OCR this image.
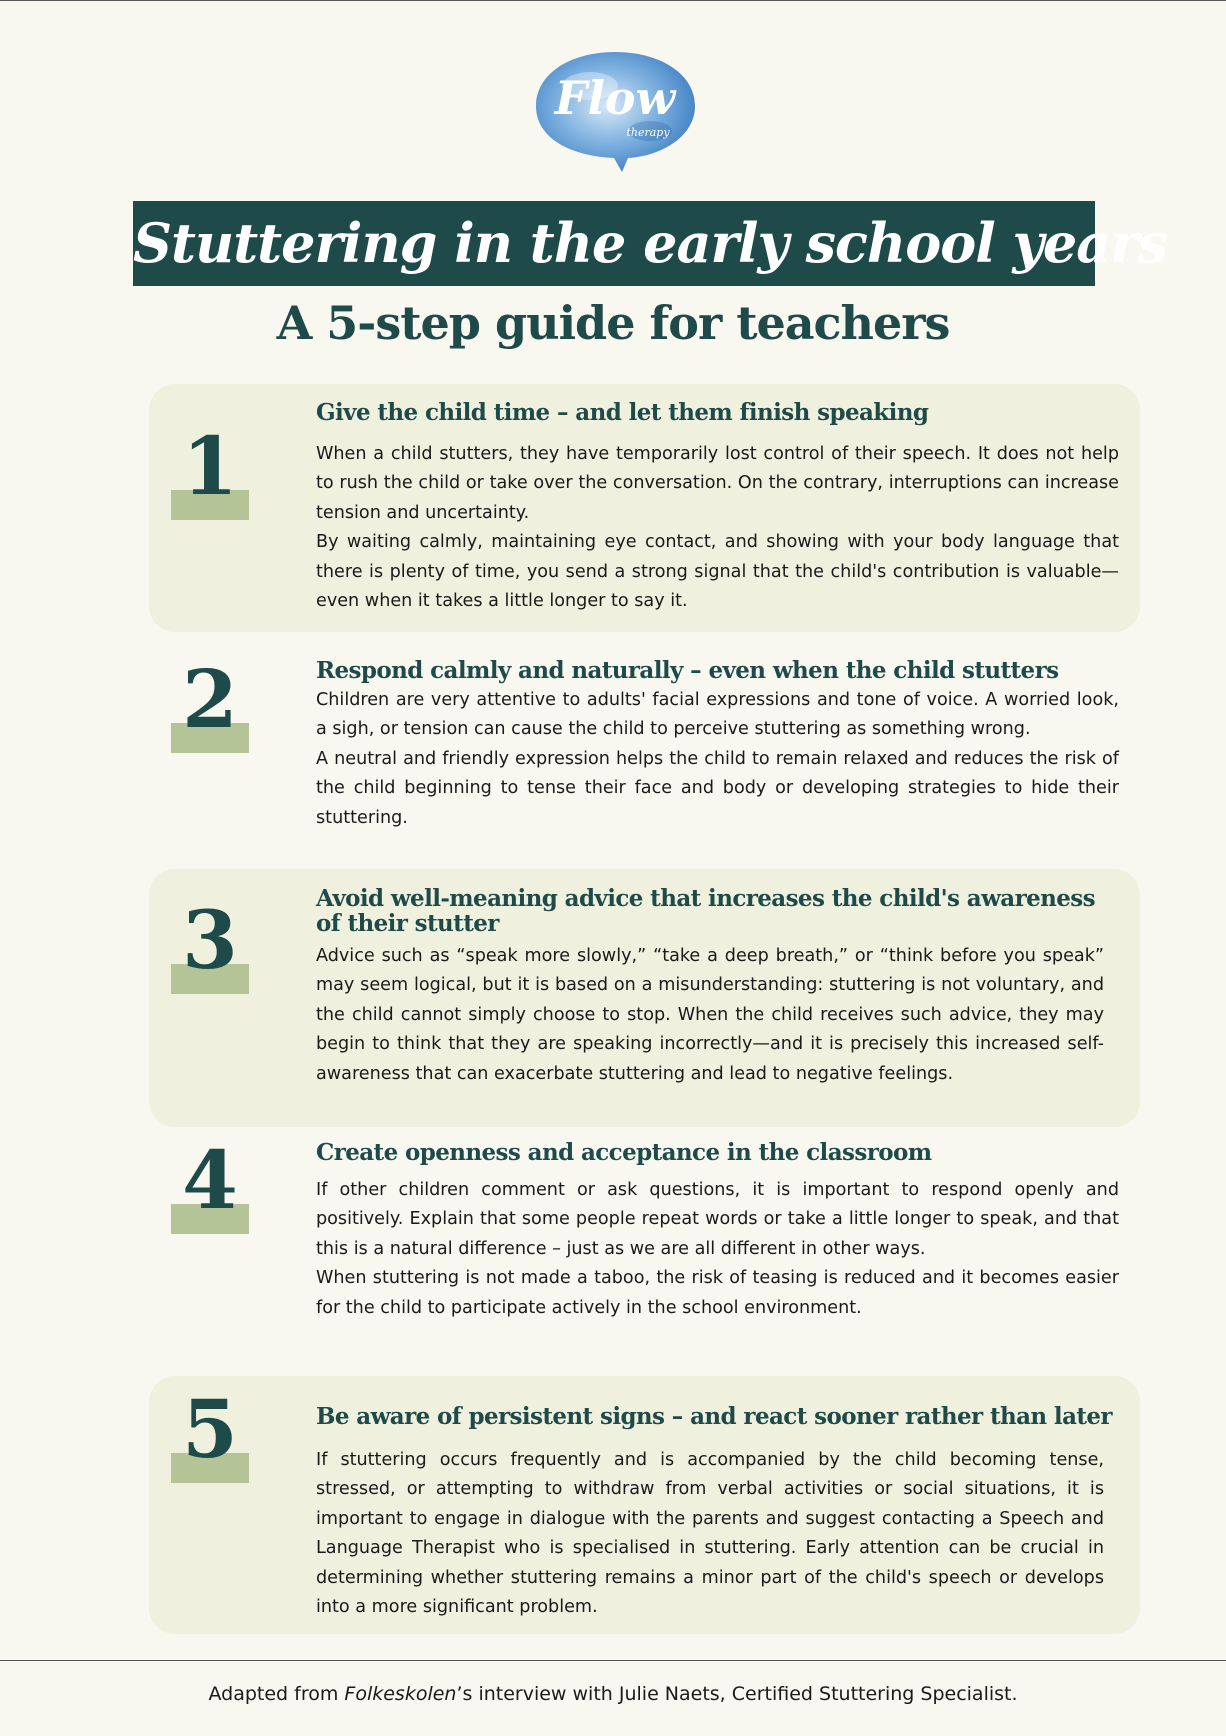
Flow
therapy
Stuttering in the early school years
A 5-step guide for teachers
1
Give the child time – and let them finish speaking

When a child stutters, they have temporarily lost control of their speech. It does not help to rush the child or take over the conversation. On the contrary, interruptions can increase tension and uncertainty.

By waiting calmly, maintaining eye contact, and showing with your body language that there is plenty of time, you send a strong signal that the child's contribution is valuable—even when it takes a little longer to say it.

2	Respond calmly and naturally – even when the child stutters

Children are very attentive to adults' facial expressions and tone of voice. A worried look, a sigh, or tension can cause the child to perceive stuttering as something wrong.

A neutral and friendly expression helps the child to remain relaxed and reduces the risk of the child beginning to tense their face and body or developing strategies to hide their stuttering.

3	Avoid well-meaning advice that increases the child's awareness of their stutter

Advice such as “speak more slowly,” “take a deep breath,” or “think before you speak” may seem logical, but it is based on a misunderstanding: stuttering is not voluntary, and the child cannot simply choose to stop. When the child receives such advice, they may begin to think that they are speaking incorrectly—and it is precisely this increased self-awareness that can exacerbate stuttering and lead to negative feelings.

4	Create openness and acceptance in the classroom

If other children comment or ask questions, it is important to respond openly and positively. Explain that some people repeat words or take a little longer to speak, and that this is a natural difference – just as we are all different in other ways.

When stuttering is not made a taboo, the risk of teasing is reduced and it becomes easier for the child to participate actively in the school environment.

5	Be aware of persistent signs – and react sooner rather than later

If stuttering occurs frequently and is accompanied by the child becoming tense, stressed, or attempting to withdraw from verbal activities or social situations, it is important to engage in dialogue with the parents and suggest contacting a Speech and Language Therapist who is specialised in stuttering. Early attention can be crucial in determining whether stuttering remains a minor part of the child's speech or develops into a more significant problem.

Adapted from Folkeskolen’s interview with Julie Naets, Certified Stuttering Specialist.
